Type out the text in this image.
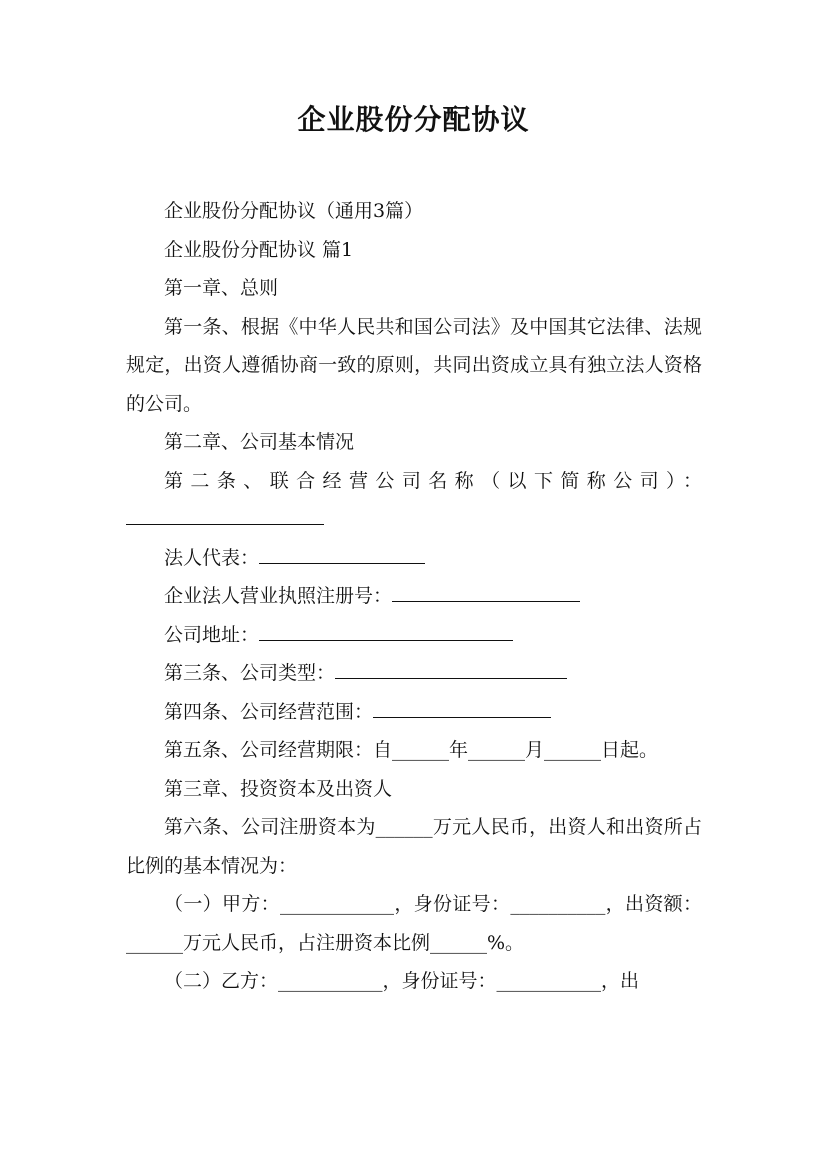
企业股份分配协议

企业股份分配协议（通用3篇）

企业股份分配协议 篇1

第一章、总则

第一条、根据《中华人民共和国公司法》及中国其它法律、法规规定，出资人遵循协商一致的原则，共同出资成立具有独立法人资格的公司。

第二章、公司基本情况

第二条、联合经营公司名称（以下简称公司）：

法人代表：

企业法人营业执照注册号：

公司地址：

第三条、公司类型：

第四条、公司经营范围：

第五条、公司经营期限：自______年______月______日起。

第三章、投资资本及出资人

第六条、公司注册资本为______万元人民币，出资人和出资所占比例的基本情况为：

（一）甲方：____________，身份证号：__________，出资额：______万元人民币，占注册资本比例______%。

（二）乙方：___________，身份证号：___________，出
